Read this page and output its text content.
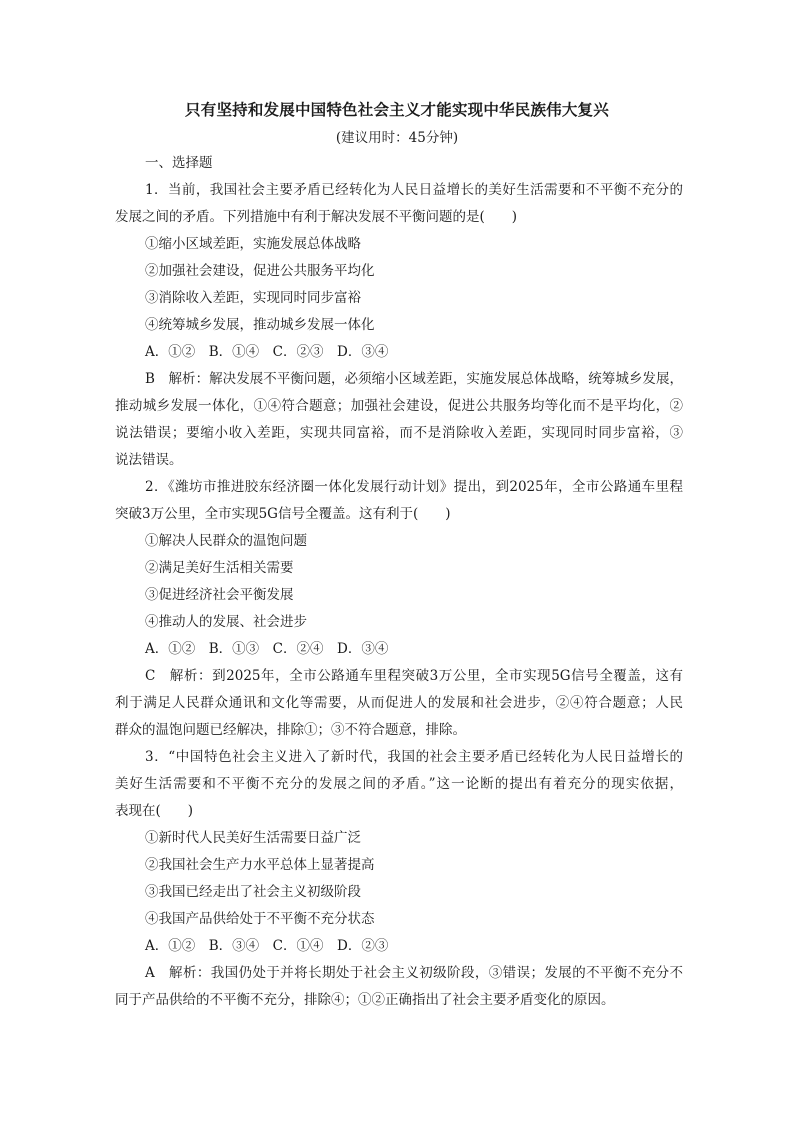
只有坚持和发展中国特色社会主义才能实现中华民族伟大复兴
(建议用时：45分钟)
一、选择题
1．当前，我国社会主要矛盾已经转化为人民日益增长的美好生活需要和不平衡不充分的
发展之间的矛盾。下列措施中有利于解决发展不平衡问题的是(　　)
①缩小区域差距，实施发展总体战略
②加强社会建设，促进公共服务平均化
③消除收入差距，实现同时同步富裕
④统筹城乡发展，推动城乡发展一体化
A．①②　B．①④　C．②③　D．③④
B　解析：解决发展不平衡问题，必须缩小区域差距，实施发展总体战略，统筹城乡发展，
推动城乡发展一体化，①④符合题意；加强社会建设，促进公共服务均等化而不是平均化，②
说法错误；要缩小收入差距，实现共同富裕，而不是消除收入差距，实现同时同步富裕，③
说法错误。
2．《潍坊市推进胶东经济圈一体化发展行动计划》提出，到2025年，全市公路通车里程
突破3万公里，全市实现5G信号全覆盖。这有利于(　　)
①解决人民群众的温饱问题
②满足美好生活相关需要
③促进经济社会平衡发展
④推动人的发展、社会进步
A．①②　B．①③　C．②④　D．③④
C　解析：到2025年，全市公路通车里程突破3万公里，全市实现5G信号全覆盖，这有
利于满足人民群众通讯和文化等需要，从而促进人的发展和社会进步，②④符合题意；人民
群众的温饱问题已经解决，排除①；③不符合题意，排除。
3．“中国特色社会主义进入了新时代，我国的社会主要矛盾已经转化为人民日益增长的
美好生活需要和不平衡不充分的发展之间的矛盾。”这一论断的提出有着充分的现实依据，
表现在(　　)
①新时代人民美好生活需要日益广泛
②我国社会生产力水平总体上显著提高
③我国已经走出了社会主义初级阶段
④我国产品供给处于不平衡不充分状态
A．①②　B．③④　C．①④　D．②③
A　解析：我国仍处于并将长期处于社会主义初级阶段，③错误；发展的不平衡不充分不
同于产品供给的不平衡不充分，排除④；①②正确指出了社会主要矛盾变化的原因。
